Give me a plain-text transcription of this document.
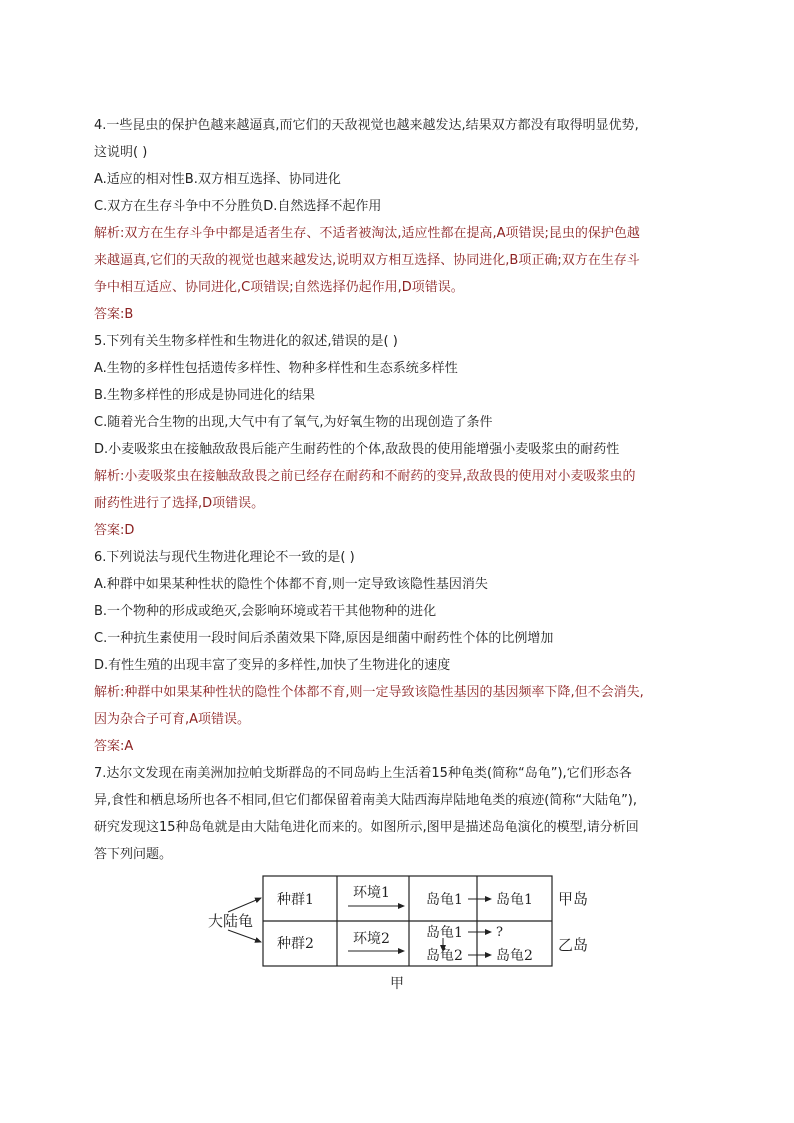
4.一些昆虫的保护色越来越逼真,而它们的天敌视觉也越来越发达,结果双方都没有取得明显优势,
这说明( )
A.适应的相对性B.双方相互选择、协同进化
C.双方在生存斗争中不分胜负D.自然选择不起作用
解析:双方在生存斗争中都是适者生存、不适者被淘汰,适应性都在提高,A项错误;昆虫的保护色越
来越逼真,它们的天敌的视觉也越来越发达,说明双方相互选择、协同进化,B项正确;双方在生存斗
争中相互适应、协同进化,C项错误;自然选择仍起作用,D项错误。
答案:B
5.下列有关生物多样性和生物进化的叙述,错误的是( )
A.生物的多样性包括遗传多样性、物种多样性和生态系统多样性
B.生物多样性的形成是协同进化的结果
C.随着光合生物的出现,大气中有了氧气,为好氧生物的出现创造了条件
D.小麦吸浆虫在接触敌敌畏后能产生耐药性的个体,敌敌畏的使用能增强小麦吸浆虫的耐药性
解析:小麦吸浆虫在接触敌敌畏之前已经存在耐药和不耐药的变异,敌敌畏的使用对小麦吸浆虫的
耐药性进行了选择,D项错误。
答案:D
6.下列说法与现代生物进化理论不一致的是( )
A.种群中如果某种性状的隐性个体都不育,则一定导致该隐性基因消失
B.一个物种的形成或绝灭,会影响环境或若干其他物种的进化
C.一种抗生素使用一段时间后杀菌效果下降,原因是细菌中耐药性个体的比例增加
D.有性生殖的出现丰富了变异的多样性,加快了生物进化的速度
解析:种群中如果某种性状的隐性个体都不育,则一定导致该隐性基因的基因频率下降,但不会消失,
因为杂合子可育,A项错误。
答案:A
7.达尔文发现在南美洲加拉帕戈斯群岛的不同岛屿上生活着15种龟类(简称“岛龟”),它们形态各
异,食性和栖息场所也各不相同,但它们都保留着南美大陆西海岸陆地龟类的痕迹(简称“大陆龟”),
研究发现这15种岛龟就是由大陆龟进化而来的。如图所示,图甲是描述岛龟演化的模型,请分析回
答下列问题。
大陆龟
种群1	环境1	岛龟1 岛龟1 甲岛
种群2	环境2	岛龟1
岛龟2
?
岛龟2
乙岛
甲
